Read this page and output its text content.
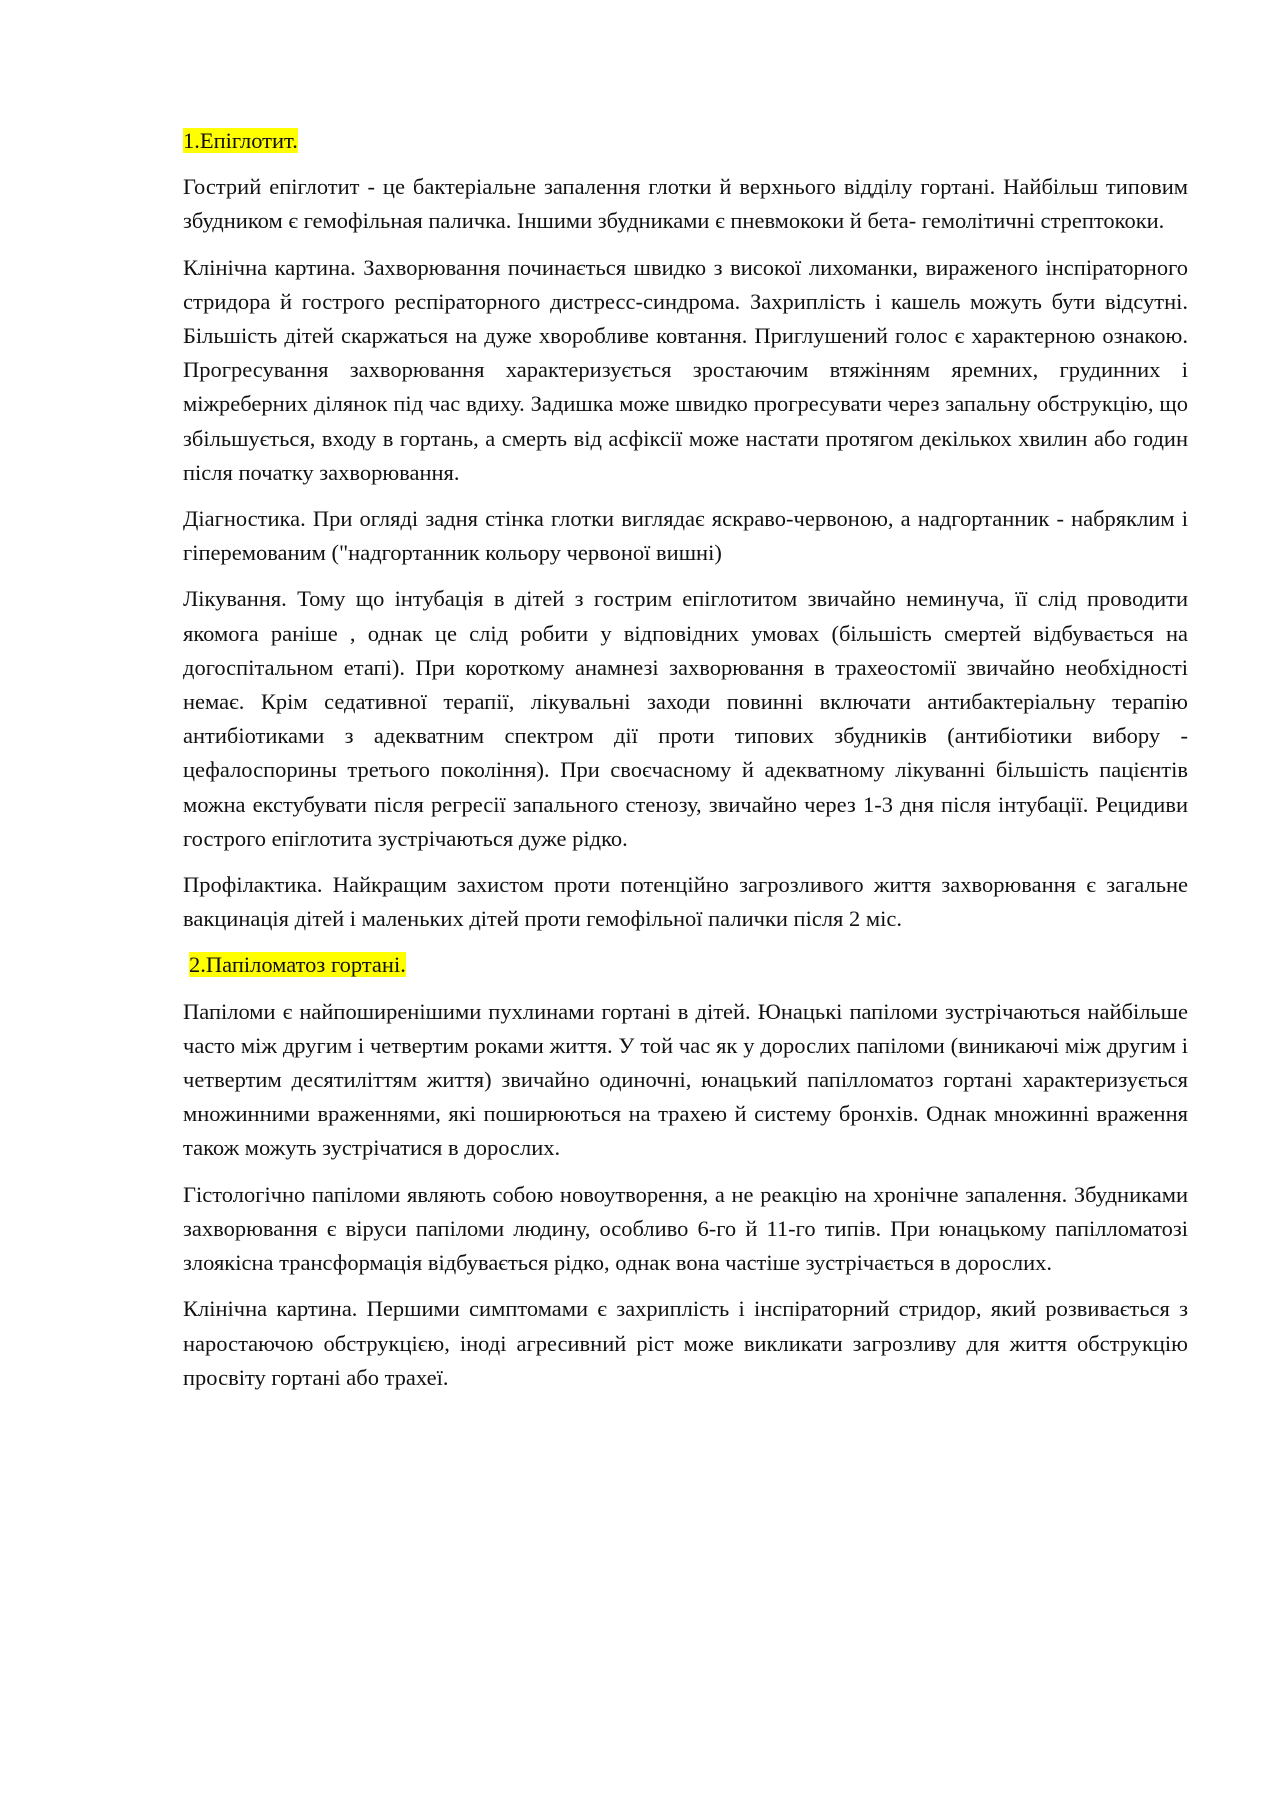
1.Епіглотит.

Гострий епіглотит - це бактеріальне запалення глотки й верхнього відділу гортані. Найбільш типовим збудником є гемофільная паличка. Іншими збудниками є пневмококи й бета- гемолітичні стрептококи.

Клінічна картина. Захворювання починається швидко з високої лихоманки, вираженого інспіраторного стридора й гострого респіраторного дистресс-синдрома. Захриплість і кашель можуть бути відсутні. Більшість дітей скаржаться на дуже хворобливе ковтання. Приглушений голос є характерною ознакою. Прогресування захворювання характеризується зростаючим втяжінням яремних, грудинних і міжреберних ділянок під час вдиху. Задишка може швидко прогресувати через запальну обструкцію, що збільшується, входу в гортань, а смерть від асфіксії може настати протягом декількох хвилин або годин після початку захворювання.

Діагностика. При огляді задня стінка глотки виглядає яскраво-червоною, а надгортанник - набряклим і гіперемованим ("надгортанник кольору червоної вишні)

Лікування. Тому що інтубація в дітей з гострим епіглотитом звичайно неминуча, її слід проводити якомога раніше , однак це слід робити у відповідних умовах (більшість смертей відбувається на догоспітальном етапі). При короткому анамнезі захворювання в трахеостомії звичайно необхідності немає. Крім седативної терапії, лікувальні заходи повинні включати антибактеріальну терапію антибіотиками з адекватним спектром дії проти типових збудників (антибіотики вибору - цефалоспорины третього покоління). При своєчасному й адекватному лікуванні більшість пацієнтів можна екстубувати після регресії запального стенозу, звичайно через 1-3 дня після інтубації. Рецидиви гострого епіглотита зустрічаються дуже рідко.

Профілактика. Найкращим захистом проти потенційно загрозливого життя захворювання є загальне вакцинація дітей і маленьких дітей проти гемофільної палички після 2 міс.

2.Папіломатоз гортані.

Папіломи є найпоширенішими пухлинами гортані в дітей. Юнацькі папіломи зустрічаються найбільше часто між другим і четвертим роками життя. У той час як у дорослих папіломи (виникаючі між другим і четвертим десятиліттям життя) звичайно одиночні, юнацький папілломатоз гортані характеризується множинними враженнями, які поширюються на трахею й систему бронхів. Однак множинні враження також можуть зустрічатися в дорослих.

Гістологічно папіломи являють собою новоутворення, а не реакцію на хронічне запалення. Збудниками захворювання є віруси папіломи людину, особливо 6-го й 11-го типів. При юнацькому папілломатозі злоякісна трансформація відбувається рідко, однак вона частіше зустрічається в дорослих.

Клінічна картина. Першими симптомами є захриплість і інспіраторний стридор, який розвивається з наростаючою обструкцією, іноді агресивний ріст може викликати загрозливу для життя обструкцію просвіту гортані або трахеї.
